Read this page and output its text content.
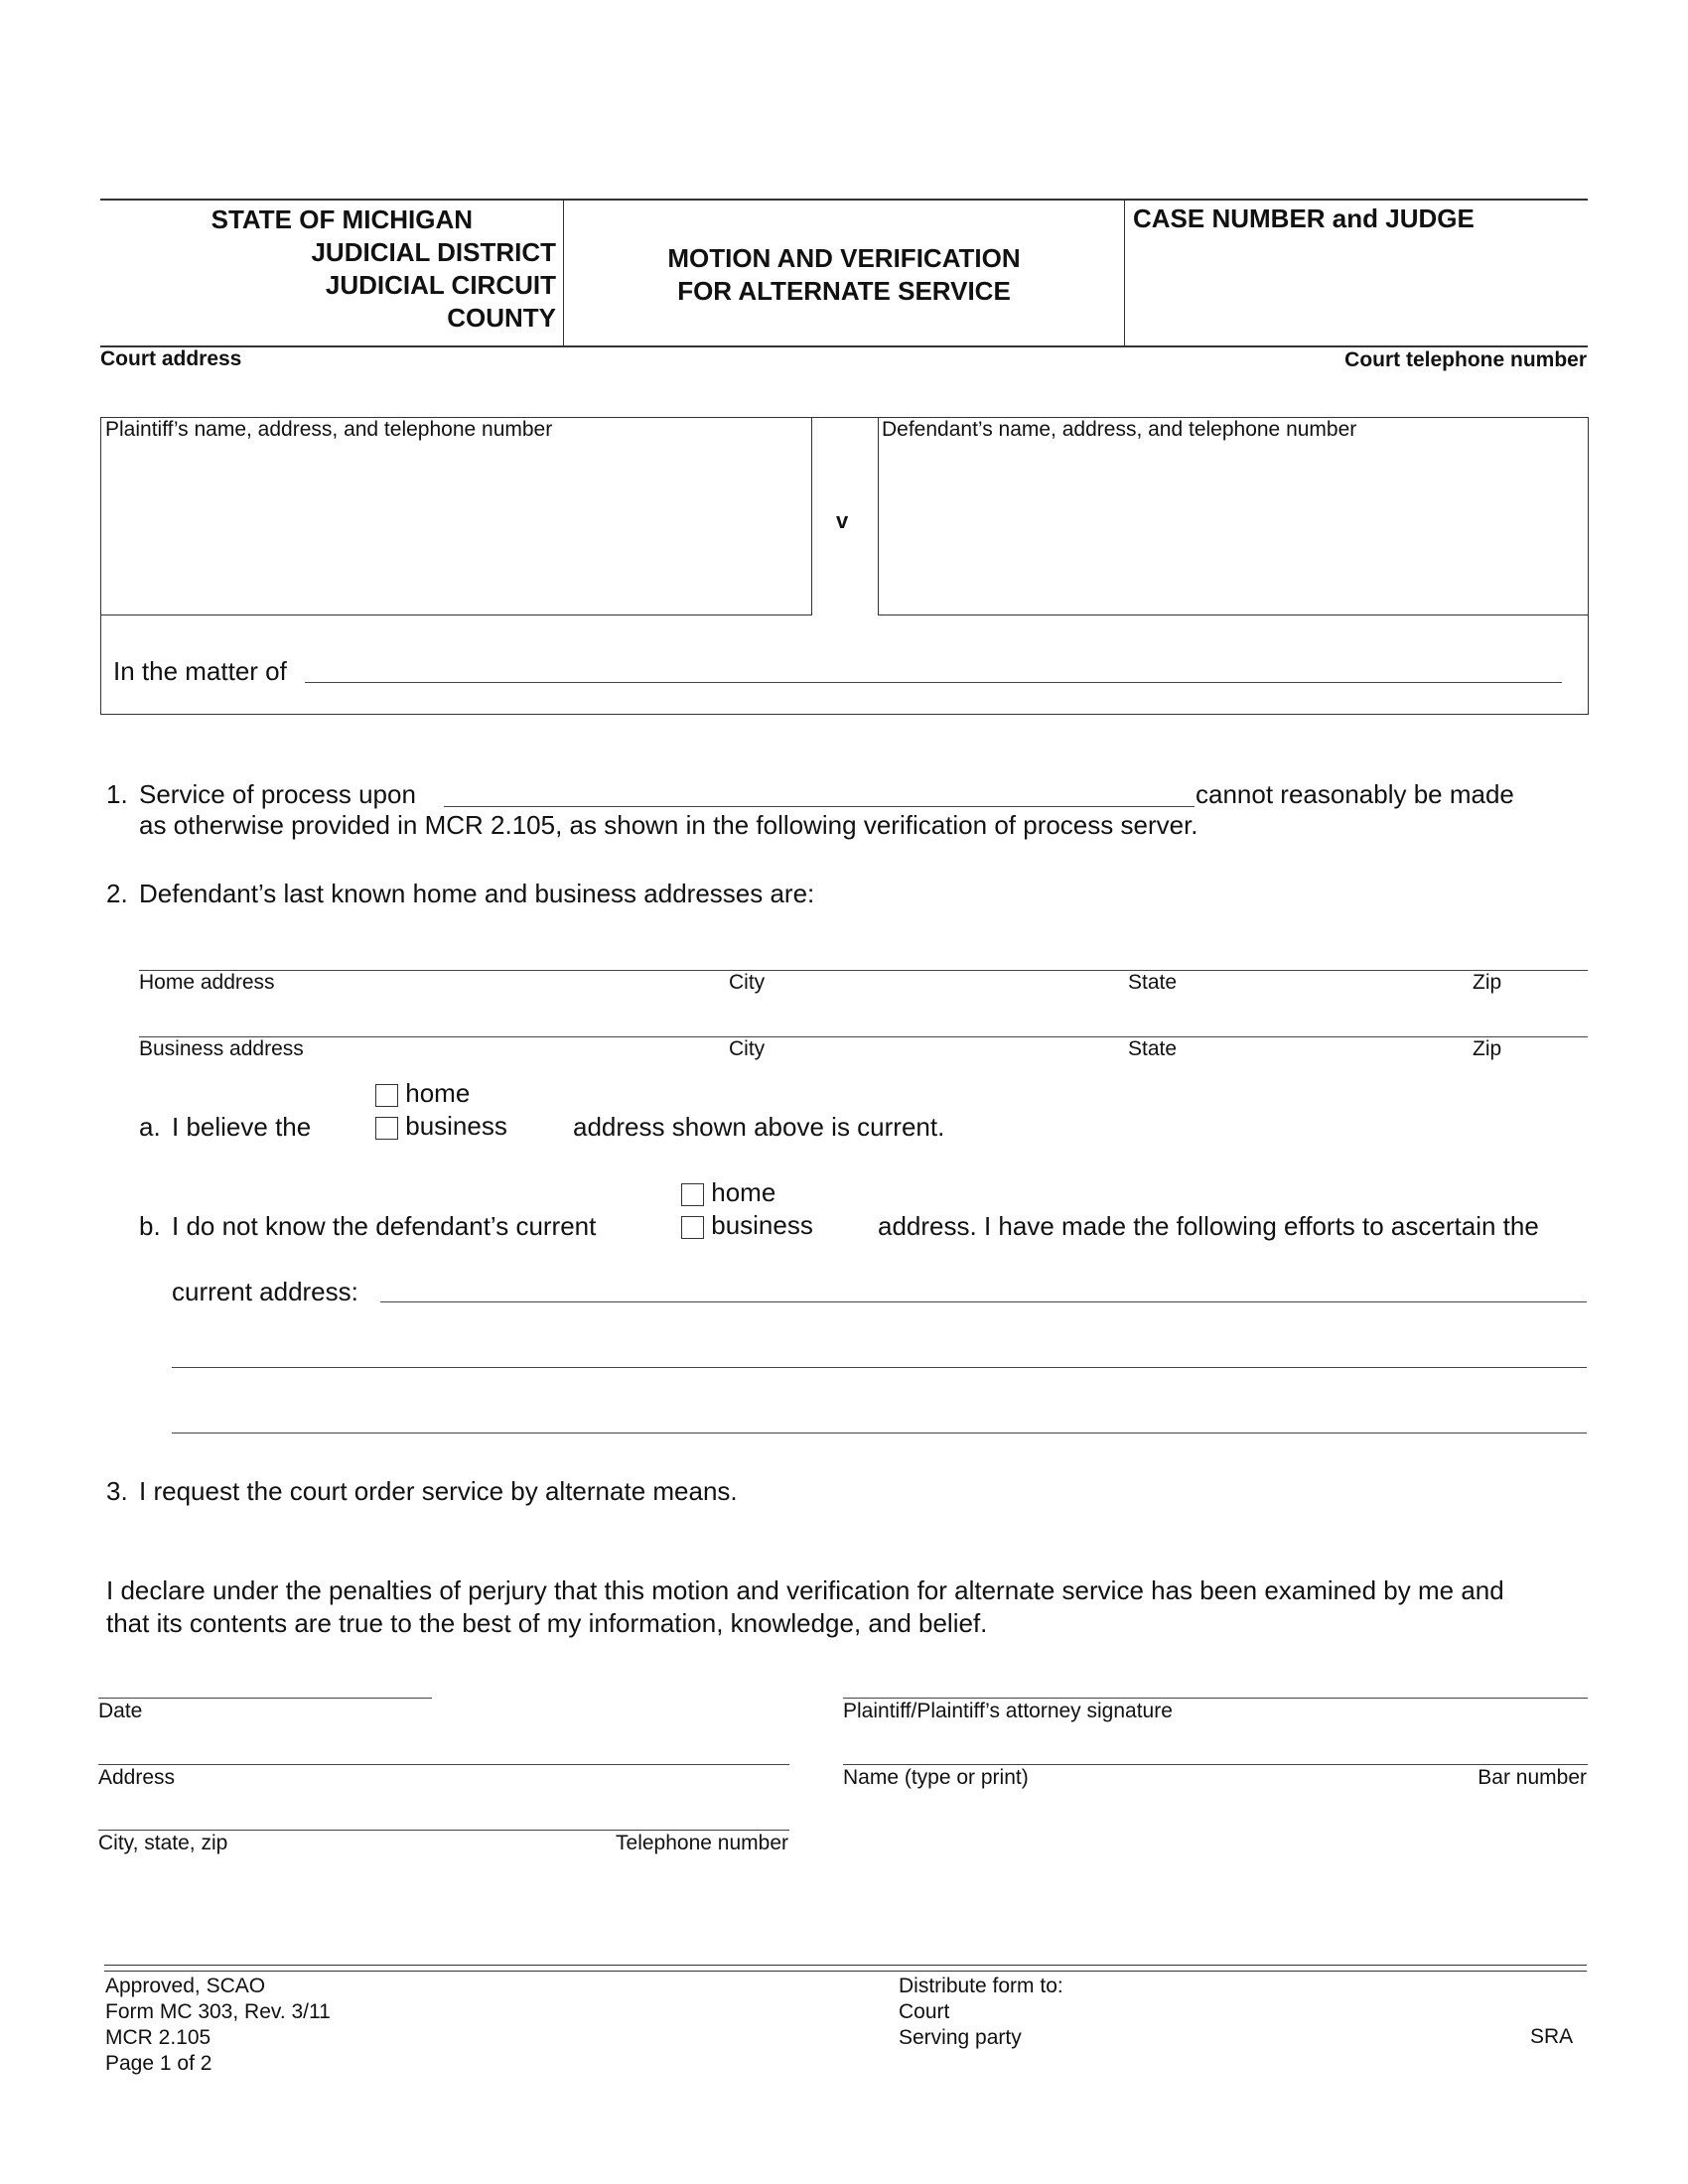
STATE OF MICHIGAN
JUDICIAL DISTRICT
JUDICIAL CIRCUIT
COUNTY
MOTION AND VERIFICATION
FOR ALTERNATE SERVICE
CASE NUMBER and JUDGE
Court address	Court telephone number
Plaintiff’s name, address, and telephone number
v
Defendant’s name, address, and telephone number
In the matter of
1. Service of process upon	cannot reasonably be made
as otherwise provided in MCR 2.105, as shown in the following verification of process server.
2. Defendant’s last known home and business addresses are:
Home address	City	State	Zip
Business address	City	State	Zip
a. I believe the
home
business	address shown above is current.
b. I do not know the defendant’s current
home
business	address. I have made the following efforts to ascertain the
current address:
3. I request the court order service by alternate means.
I declare under the penalties of perjury that this motion and verification for alternate service has been examined by me and
that its contents are true to the best of my information, knowledge, and belief.
Date	Plaintiff/Plaintiff’s attorney signature
Address	Name (type or print)	Bar number
City, state, zip	Telephone number
Approved, SCAO
Form MC 303, Rev. 3/11
MCR 2.105
Page 1 of 2
Distribute form to:
Court
Serving party	SRA
